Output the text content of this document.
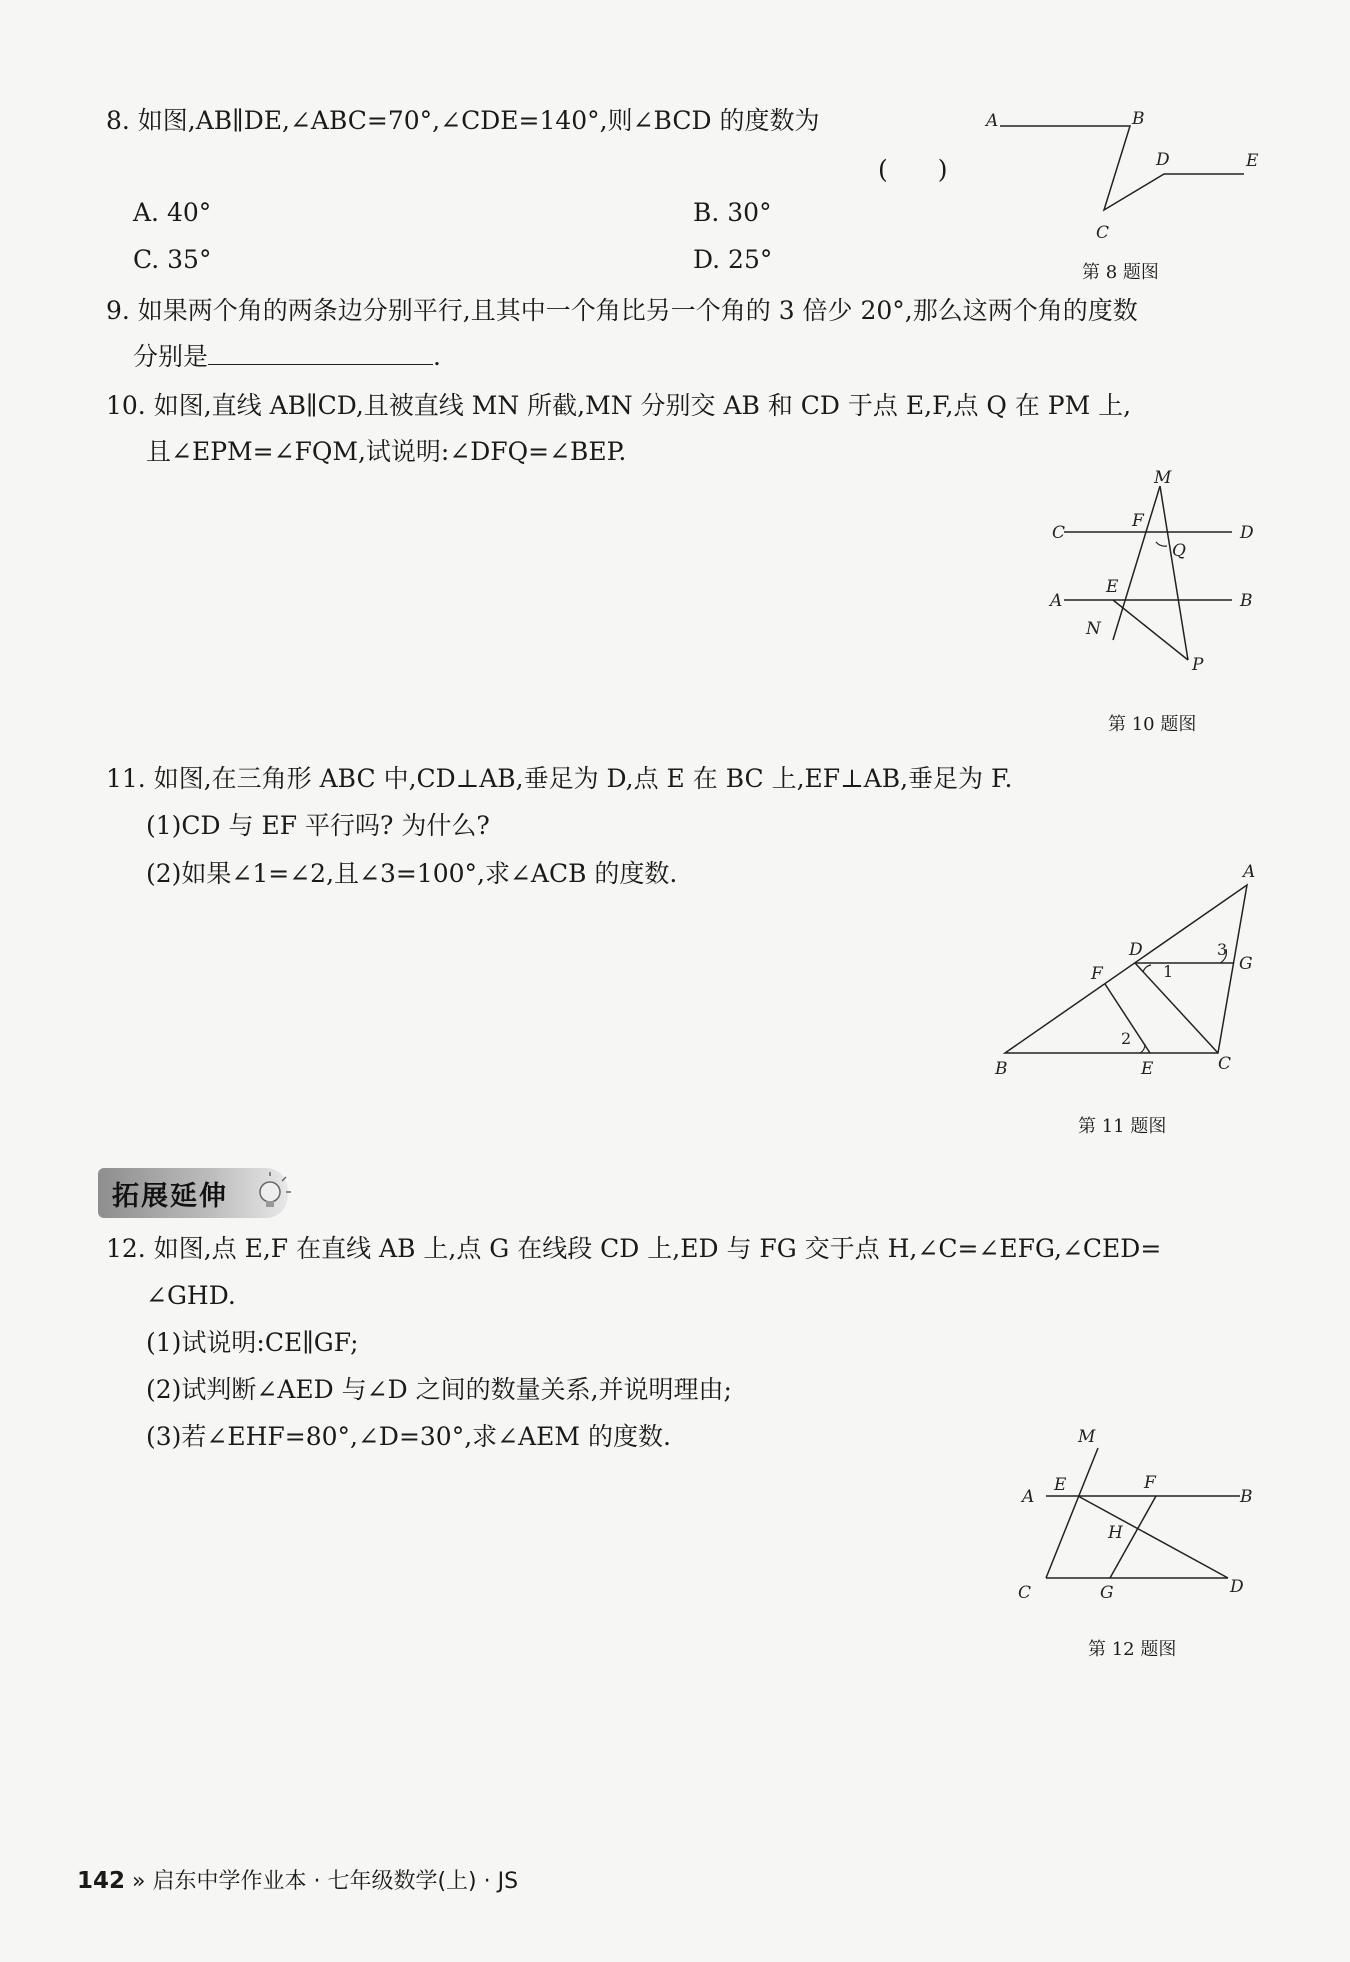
8. 如图,AB∥DE,∠ABC=70°,∠CDE=140°,则∠BCD 的度数为
(　　)
A. 40°	B. 30°
C. 35°	D. 25°
A	B
C
D	E
第 8 题图
9. 如果两个角的两条边分别平行,且其中一个角比另一个角的 3 倍少 20°,那么这两个角的度数
分别是	.
10. 如图,直线 AB∥CD,且被直线 MN 所截,MN 分别交 AB 和 CD 于点 E,F,点 Q 在 PM 上,
且∠EPM=∠FQM,试说明:∠DFQ=∠BEP.
M
C
F
D
Q
E
A	B
N
P
第 10 题图
11. 如图,在三角形 ABC 中,CD⊥AB,垂足为 D,点 E 在 BC 上,EF⊥AB,垂足为 F.
(1)CD 与 EF 平行吗? 为什么?
(2)如果∠1=∠2,且∠3=100°,求∠ACB 的度数.	A
D	3
G
1
F
2
B	E	C
第 11 题图
拓展延伸
12. 如图,点 E,F 在直线 AB 上,点 G 在线段 CD 上,ED 与 FG 交于点 H,∠C=∠EFG,∠CED=
∠GHD.
(1)试说明:CE∥GF;
(2)试判断∠AED 与∠D 之间的数量关系,并说明理由;
(3)若∠EHF=80°,∠D=30°,求∠AEM 的度数.	M
A
E	F
B
H
C	G	D
第 12 题图
142 » 启东中学作业本 · 七年级数学(上) · JS
